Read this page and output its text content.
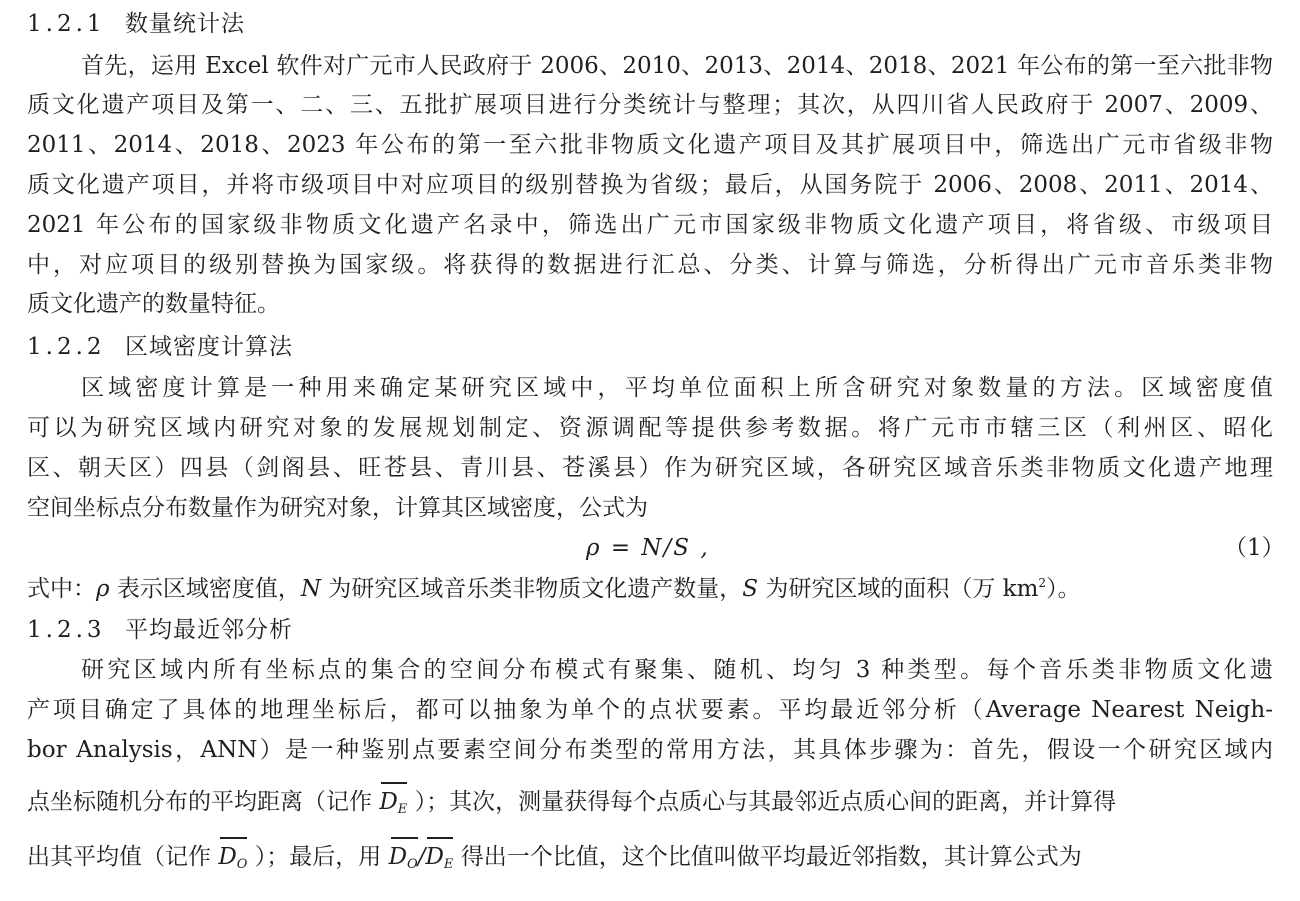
1.2.1 数量统计法
首先，运用 Excel 软件对广元市人民政府于 2006、2010、2013、2014、2018、2021 年公布的第一至六批非物
质文化遗产项目及第一、二、三、五批扩展项目进行分类统计与整理；其次，从四川省人民政府于 2007、2009、
2011、2014、2018、2023 年公布的第一至六批非物质文化遗产项目及其扩展项目中，筛选出广元市省级非物
质文化遗产项目，并将市级项目中对应项目的级别替换为省级；最后，从国务院于 2006、2008、2011、2014、
2021 年公布的国家级非物质文化遗产名录中，筛选出广元市国家级非物质文化遗产项目，将省级、市级项目
中，对应项目的级别替换为国家级。将获得的数据进行汇总、分类、计算与筛选，分析得出广元市音乐类非物
质文化遗产的数量特征。
1.2.2 区域密度计算法
区域密度计算是一种用来确定某研究区域中，平均单位面积上所含研究对象数量的方法。区域密度值
可以为研究区域内研究对象的发展规划制定、资源调配等提供参考数据。将广元市市辖三区（利州区、昭化
区、朝天区）四县（剑阁县、旺苍县、青川县、苍溪县）作为研究区域，各研究区域音乐类非物质文化遗产地理
空间坐标点分布数量作为研究对象，计算其区域密度，公式为
ρ = N/S ,	（1）
式中：ρ 表示区域密度值，N 为研究区域音乐类非物质文化遗产数量，S 为研究区域的面积（万 $km^2$）。
1.2.3 平均最近邻分析
研究区域内所有坐标点的集合的空间分布模式有聚集、随机、均匀 3 种类型。每个音乐类非物质文化遗
产项目确定了具体的地理坐标后，都可以抽象为单个的点状要素。平均最近邻分析（Average Nearest Neigh-
bor Analysis，ANN）是一种鉴别点要素空间分布类型的常用方法，其具体步骤为：首先，假设一个研究区域内
点坐标随机分布的平均距离（记作
$D_E$ ）；其次，测量获得每个点质心与其最邻近点质心间的距离，并计算得
出其平均值（记作
$D_O$ ）；最后，用
$D_O/$
$D_E$ 得出一个比值，这个比值叫做平均最近邻指数，其计算公式为
